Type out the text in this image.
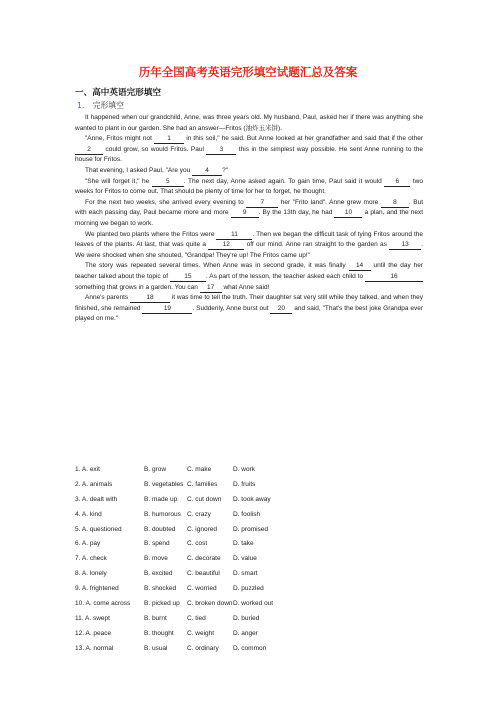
历年全国高考英语完形填空试题汇总及答案
一、高中英语完形填空
1． 完形填空

It happened when our grandchild, Anne, was three years old. My husband, Paul, asked her if there was anything she wanted to plant in our garden. She had an answer—Fritos (油炸玉米饼).

"Anne, Fritos might not 1 in this soil," he said. But Anne looked at her grandfather and said that if the other 2 could grow, so would Fritos. Paul 3 this in the simplest way possible. He sent Anne running to the house for Fritos.

That evening, I asked Paul, "Are you 4 ?"

"She will forget it," he 5 . The next day, Anne asked again. To gain time, Paul said it would 6 two weeks for Fritos to come out. That should be plenty of time for her to forget, he thought.

For the next two weeks, she arrived every evening to 7 her "Frito land". Anne grew more 8 . But with each passing day, Paul became more and more 9 . By the 13th day, he had 10 a plan, and the next morning we began to work.

We planted two plants where the Fritos were 11 . Then we began the difficult task of tying Fritos around the leaves of the plants. At last, that was quite a 12 off our mind. Anne ran straight to the garden as 13 . We were shocked when she shouted, "Grandpa! They're up! The Fritos came up!"

The story was repeated several times. When Anne was in second grade, it was finally 14 until the day her teacher talked about the topic of 15 . As part of the lesson, the teacher asked each child to	16 something that grows in a garden. You can 17 what Anne said!

Anne's parents	18	it was time to tell the truth. Their daughter sat very still while they talked, and when they finished, she remained	19	. Suddenly, Anne burst out 20 and said, "That's the best joke Grandpa ever played on me."

1. A. exit	B. grow	C. make	D. work
2. A. animals	B. vegetables C. families	D. fruits
3. A. dealt with	B. made up	C. cut down	D. took away
4. A. kind	B. humorous C. crazy	D. foolish
5. A. questioned	B. doubted	C. ignored	D. promised
6. A. pay	B. spend	C. cost	D. take
7. A. check	B. move	C. decorate	D. value
8. A. lonely	B. excited	C. beautiful	D. smart
9. A. frightened	B. shocked	C. worried	D. puzzled
10. A. come across	B. picked up	C. broken down D. worked out
11. A. swept	B. burnt	C. tied	D. buried
12. A. peace	B. thought	C. weight	D. anger
13. A. normal	B. usual	C. ordinary	D. common
